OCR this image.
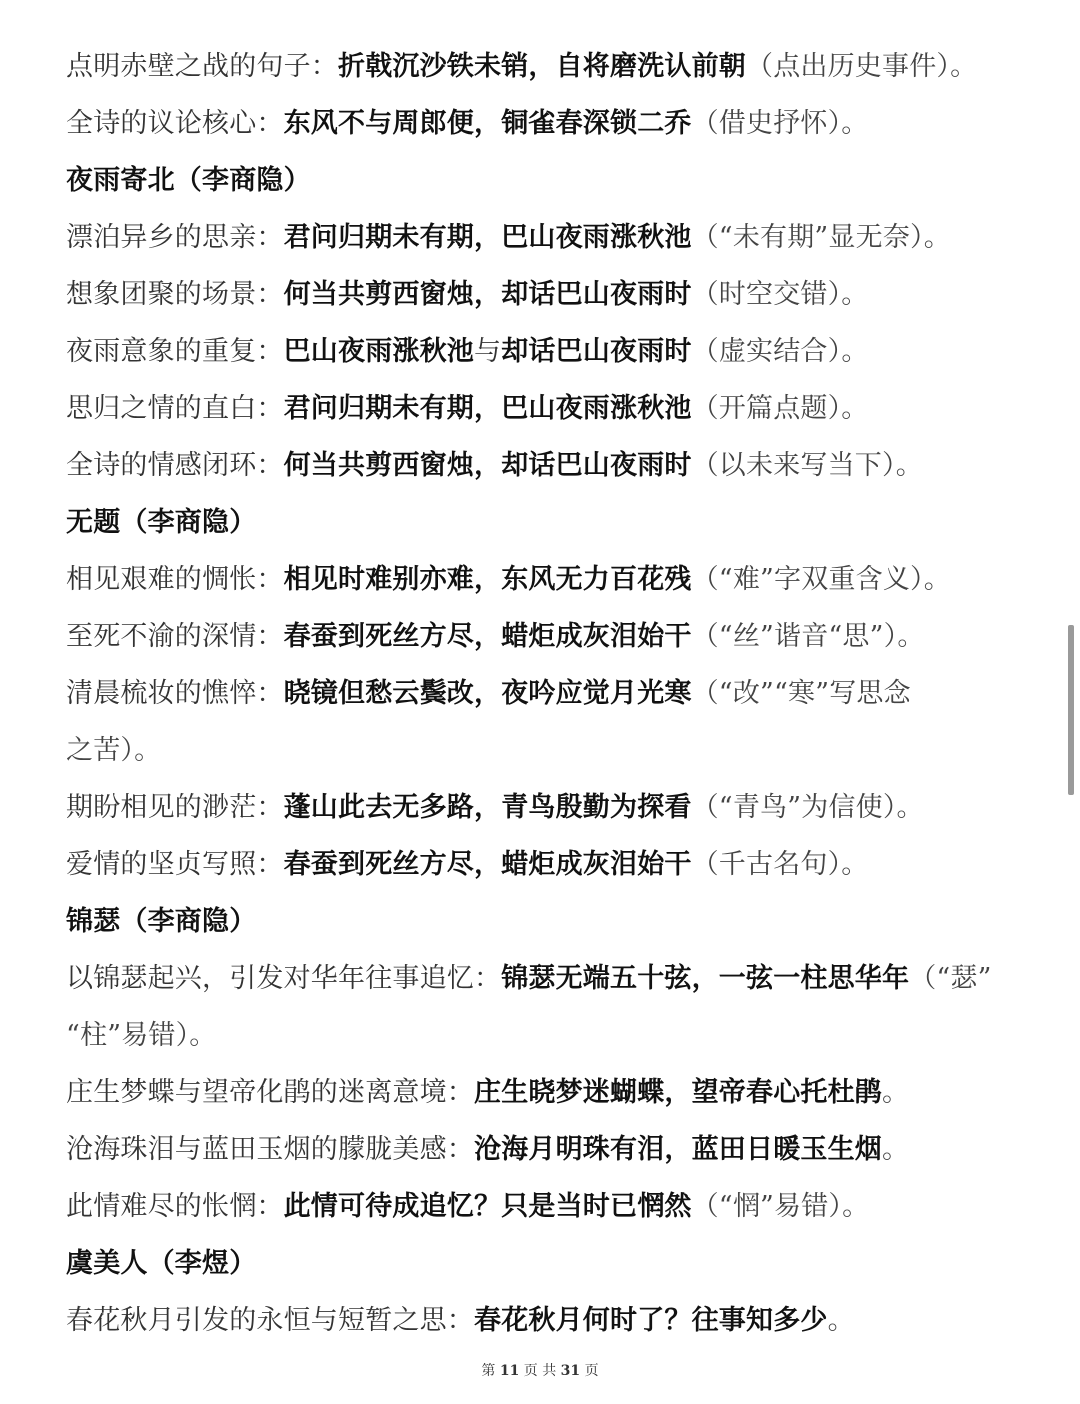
点明赤壁之战的句子：折戟沉沙铁未销，自将磨洗认前朝（点出历史事件）。
全诗的议论核心：东风不与周郎便，铜雀春深锁二乔（借史抒怀）。
夜雨寄北（李商隐）
漂泊异乡的思亲：君问归期未有期，巴山夜雨涨秋池（“未有期”显无奈）。
想象团聚的场景：何当共剪西窗烛，却话巴山夜雨时（时空交错）。
夜雨意象的重复：巴山夜雨涨秋池与却话巴山夜雨时（虚实结合）。
思归之情的直白：君问归期未有期，巴山夜雨涨秋池（开篇点题）。
全诗的情感闭环：何当共剪西窗烛，却话巴山夜雨时（以未来写当下）。
无题（李商隐）
相见艰难的惆怅：相见时难别亦难，东风无力百花残（“难”字双重含义）。
至死不渝的深情：春蚕到死丝方尽，蜡炬成灰泪始干（“丝”谐音“思”）。
清晨梳妆的憔悴：晓镜但愁云鬓改，夜吟应觉月光寒（“改”“寒”写思念
之苦）。
期盼相见的渺茫：蓬山此去无多路，青鸟殷勤为探看（“青鸟”为信使）。
爱情的坚贞写照：春蚕到死丝方尽，蜡炬成灰泪始干（千古名句）。
锦瑟（李商隐）
以锦瑟起兴，引发对华年往事追忆：锦瑟无端五十弦，一弦一柱思华年（“瑟”
“柱”易错）。
庄生梦蝶与望帝化鹃的迷离意境：庄生晓梦迷蝴蝶，望帝春心托杜鹃。
沧海珠泪与蓝田玉烟的朦胧美感：沧海月明珠有泪，蓝田日暖玉生烟。
此情难尽的怅惘：此情可待成追忆？只是当时已惘然（“惘”易错）。
虞美人（李煜）
春花秋月引发的永恒与短暂之思：春花秋月何时了？往事知多少。
第 11 页 共 31 页
